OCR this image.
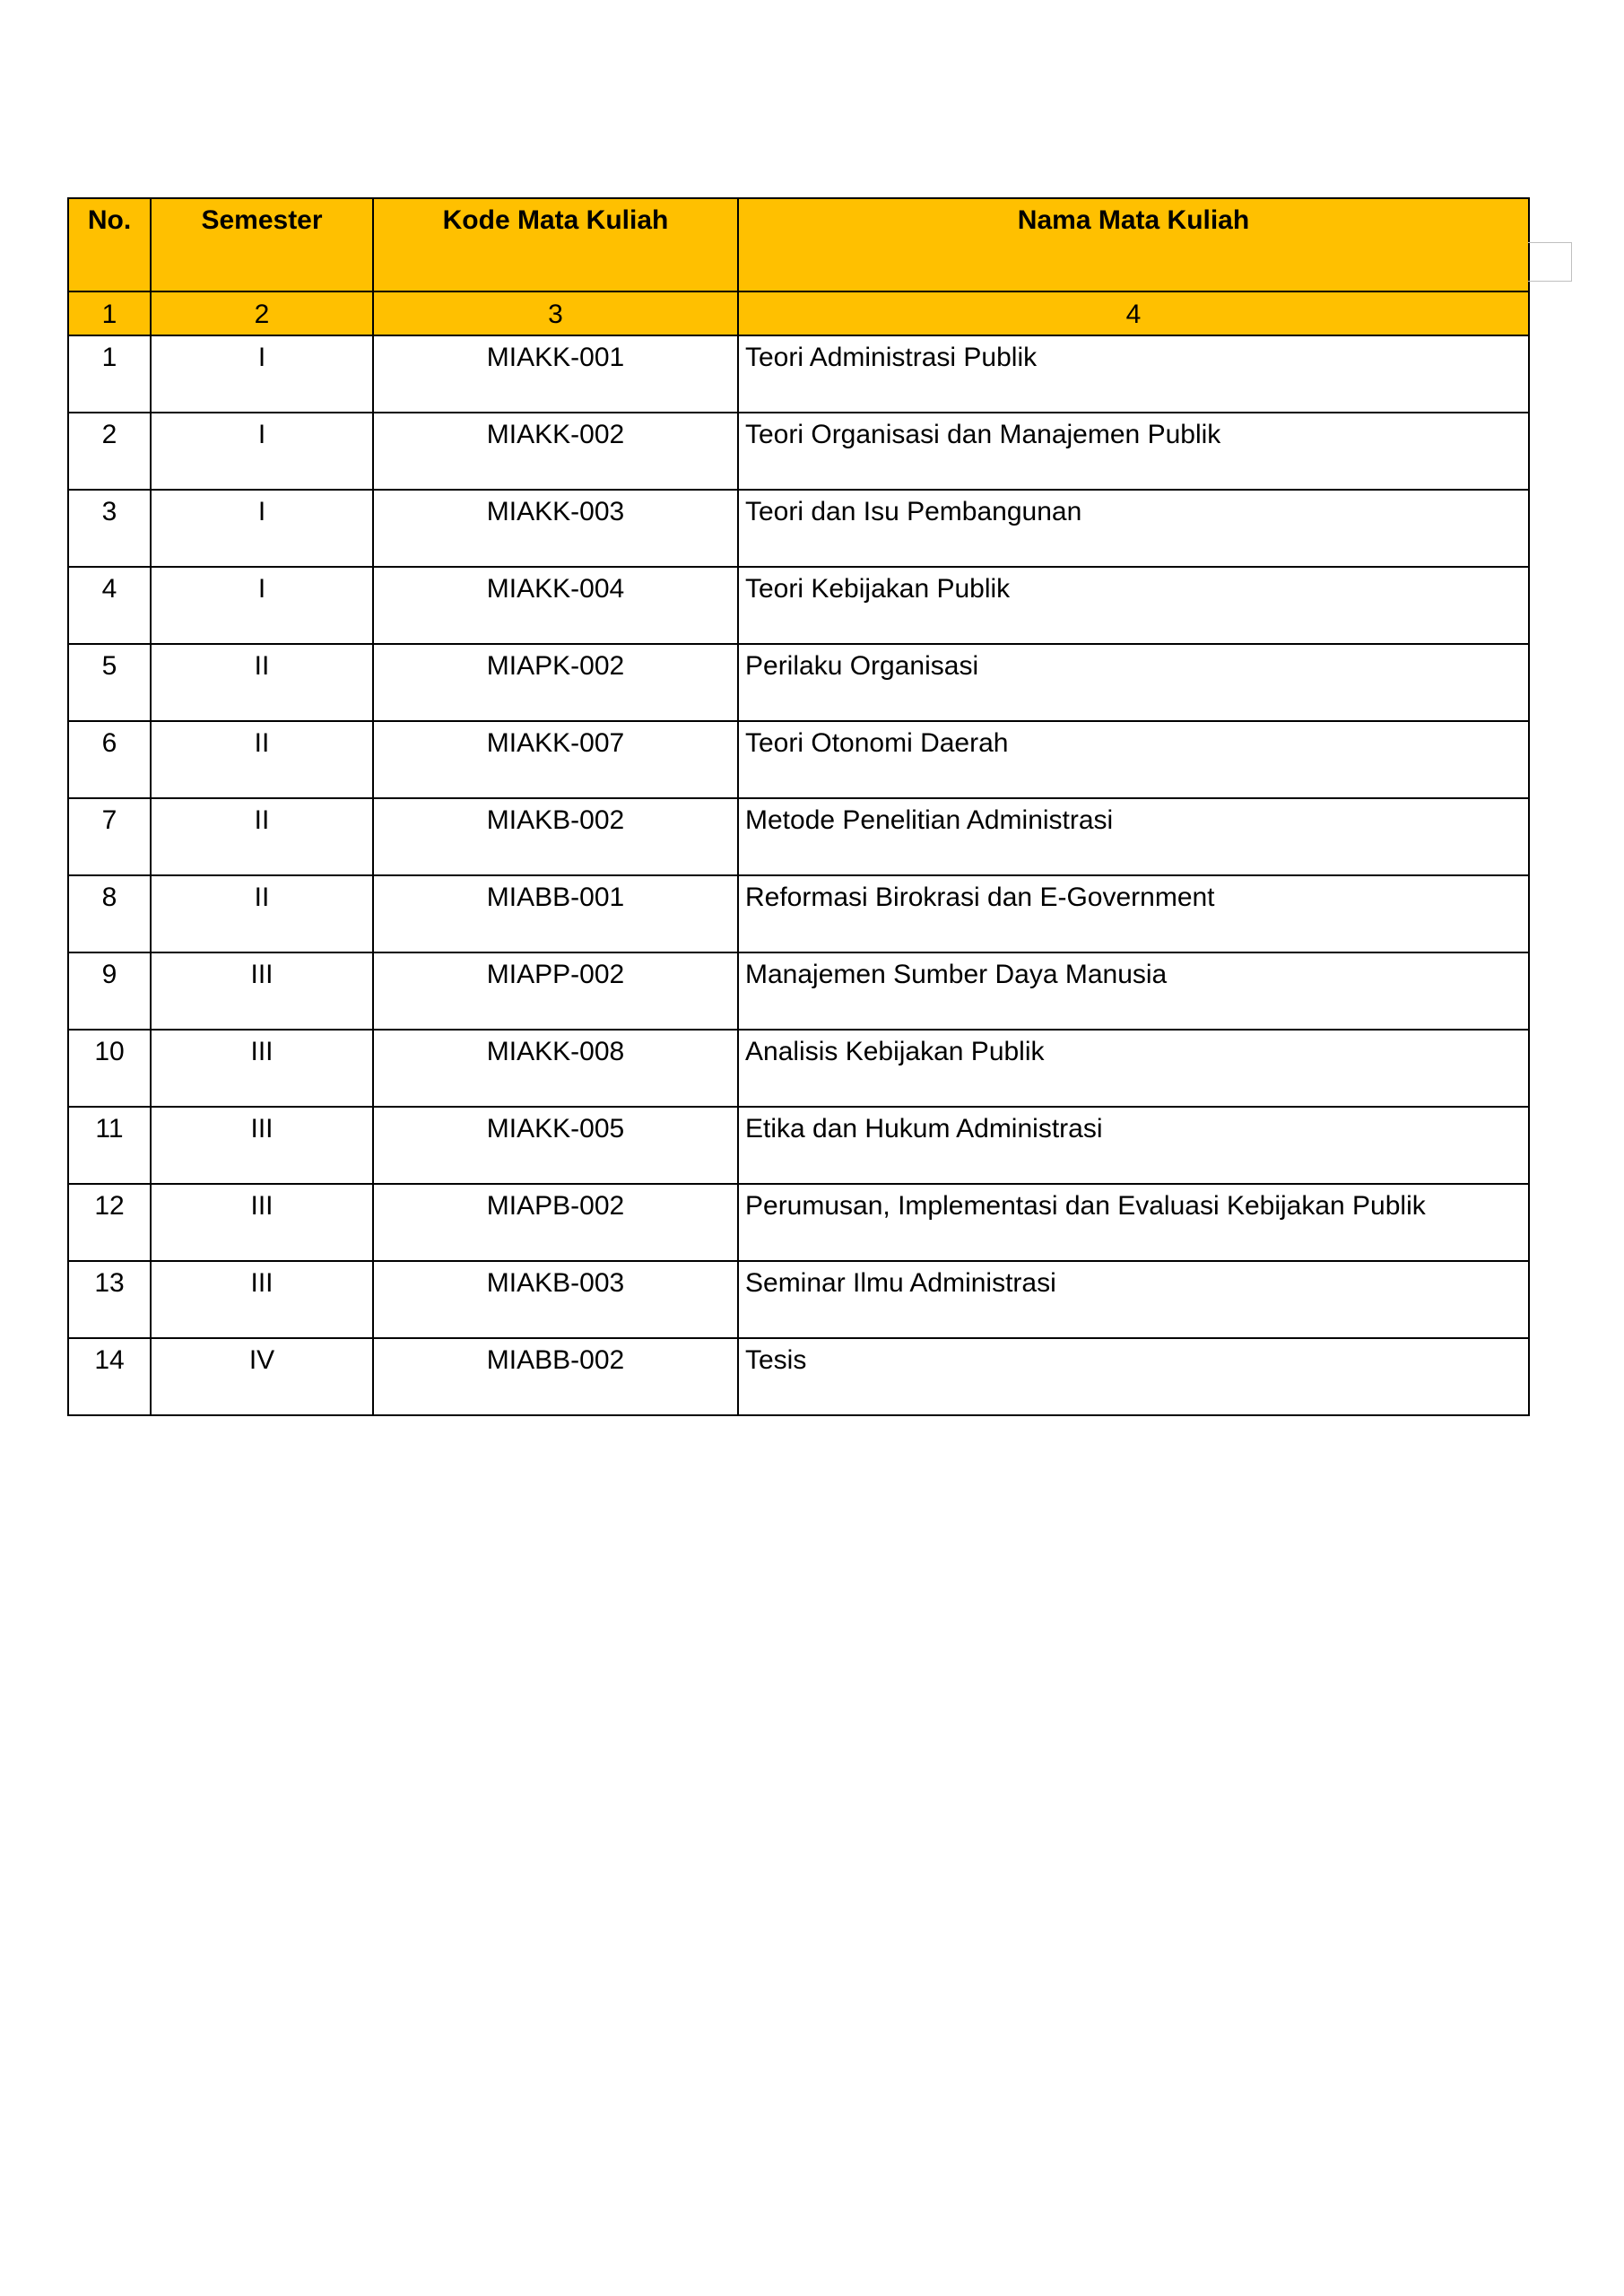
No.	Semester	Kode Mata Kuliah	Nama Mata Kuliah
1	2	3	4
1	I	MIAKK-001	Teori Administrasi Publik
2	I	MIAKK-002	Teori Organisasi dan Manajemen Publik
3	I	MIAKK-003	Teori dan Isu Pembangunan
4	I	MIAKK-004	Teori Kebijakan Publik
5	II	MIAPK-002	Perilaku Organisasi
6	II	MIAKK-007	Teori Otonomi Daerah
7	II	MIAKB-002	Metode Penelitian Administrasi
8	II	MIABB-001	Reformasi Birokrasi dan E-Government
9	III	MIAPP-002	Manajemen Sumber Daya Manusia
10	III	MIAKK-008	Analisis Kebijakan Publik
11	III	MIAKK-005	Etika dan Hukum Administrasi
12	III	MIAPB-002	Perumusan, Implementasi dan Evaluasi Kebijakan Publik
13	III	MIAKB-003	Seminar Ilmu Administrasi
14	IV	MIABB-002	Tesis
